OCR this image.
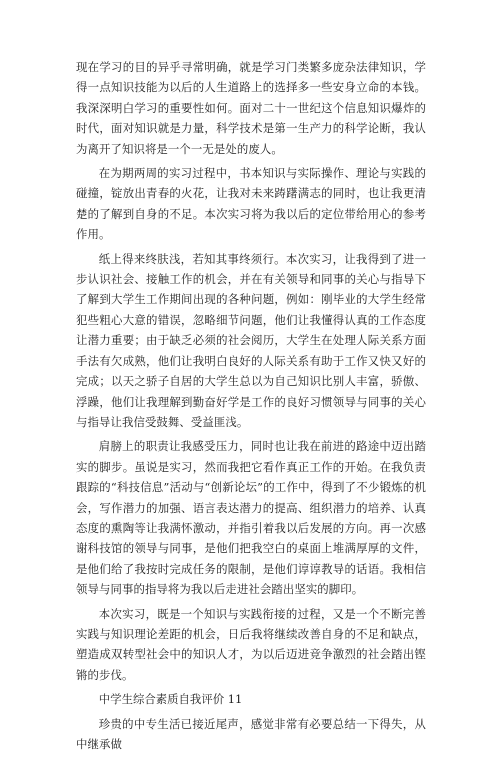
现在学习的目的异乎寻常明确，就是学习门类繁多庞杂法律知识，学得一点知识技能为以后的人生道路上的选择多一些安身立命的本钱。我深深明白学习的重要性如何。面对二十一世纪这个信息知识爆炸的时代，面对知识就是力量，科学技术是第一生产力的科学论断，我认为离开了知识将是一个一无是处的废人。

在为期两周的实习过程中，书本知识与实际操作、理论与实践的碰撞，锭放出青春的火花，让我对未来踌躇满志的同时，也让我更清楚的了解到自身的不足。本次实习将为我以后的定位带给用心的参考作用。

纸上得来终肤浅，若知其事终须行。本次实习，让我得到了进一步认识社会、接触工作的机会，并在有关领导和同事的关心与指导下了解到大学生工作期间出现的各种问题，例如：刚毕业的大学生经常犯些粗心大意的错误，忽略细节问题，他们让我懂得认真的工作态度让潜力重要；由于缺乏必须的社会阅历，大学生在处理人际关系方面手法有欠成熟，他们让我明白良好的人际关系有助于工作又快又好的完成；以天之骄子自居的大学生总以为自己知识比别人丰富，骄傲、浮躁，他们让我理解到勤奋好学是工作的良好习惯领导与同事的关心与指导让我信受鼓舞、受益匪浅。

肩膀上的职责让我感受压力，同时也让我在前进的路途中迈出踏实的脚步。虽说是实习，然而我把它看作真正工作的开始。在我负责跟踪的“科技信息”活动与“创新论坛”的工作中，得到了不少锻炼的机会，写作潜力的加强、语言表达潜力的提高、组织潜力的培养、认真态度的熏陶等让我满怀激动，并指引着我以后发展的方向。再一次感谢科技馆的领导与同事，是他们把我空白的桌面上堆满厚厚的文件，是他们给了我按时完成任务的限制，是他们谆谆教导的话语。我相信领导与同事的指导将为我以后走进社会踏出坚实的脚印。

本次实习，既是一个知识与实践衔接的过程，又是一个不断完善实践与知识理论差距的机会，日后我将继续改善自身的不足和缺点，塑造成双转型社会中的知识人才，为以后迈进竞争激烈的社会踏出铿锵的步伐。

中学生综合素质自我评价 11

珍贵的中专生活已接近尾声，感觉非常有必要总结一下得失，从中继承做
